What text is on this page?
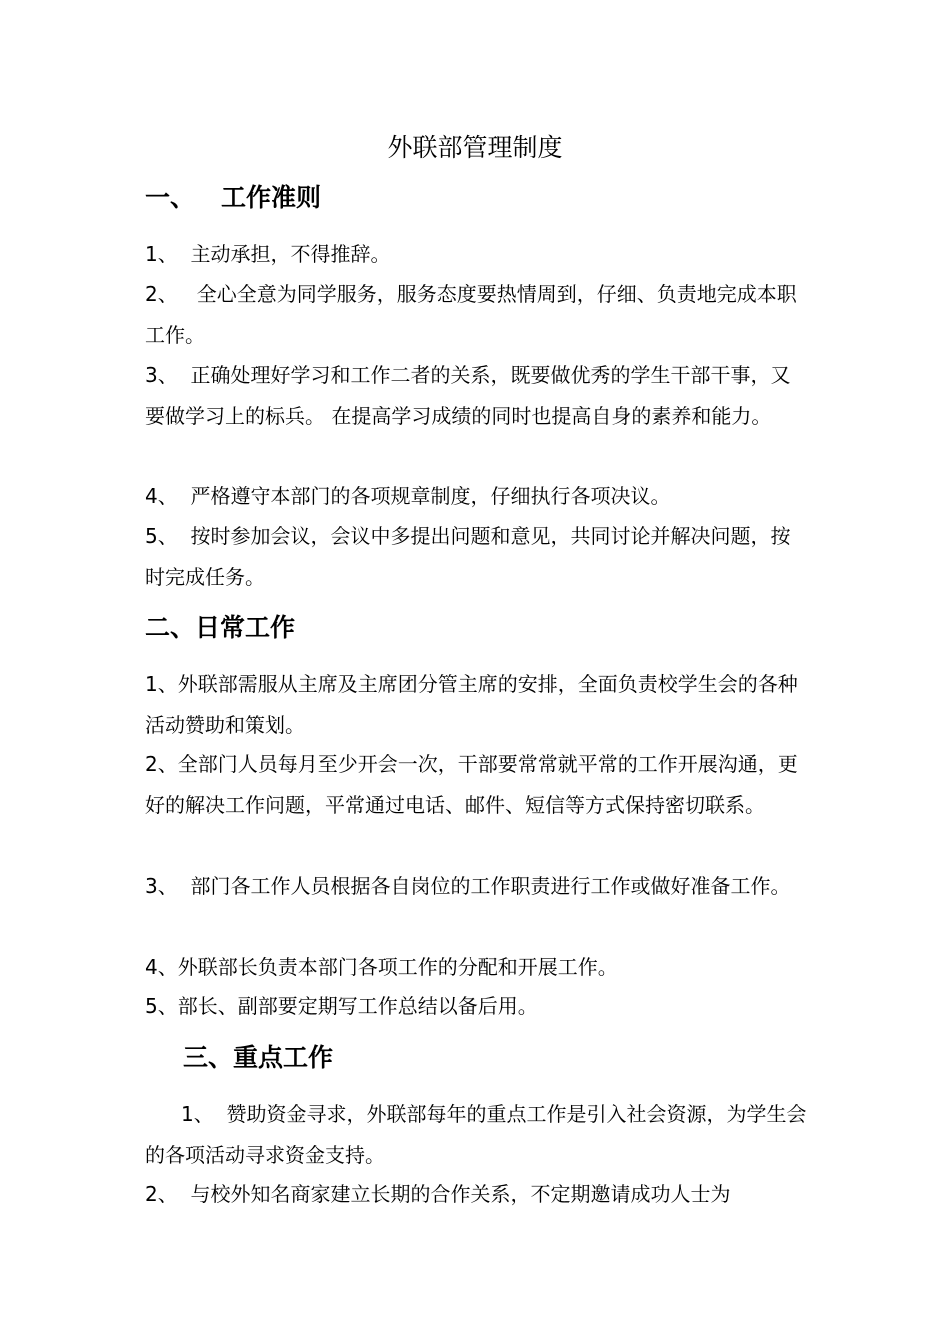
外联部管理制度
一、 工作准则

1、  主动承担，不得推辞。

2、   全心全意为同学服务，服务态度要热情周到，仔细、负责地完成本职工作。

3、  正确处理好学习和工作二者的关系，既要做优秀的学生干部干事，又要做学习上的标兵。 在提高学习成绩的同时也提高自身的素养和能力。

4、  严格遵守本部门的各项规章制度，仔细执行各项决议。

5、  按时参加会议，会议中多提出问题和意见，共同讨论并解决问题，按时完成任务。

二、日常工作

1、外联部需服从主席及主席团分管主席的安排，全面负责校学生会的各种活动赞助和策划。

2、全部门人员每月至少开会一次，干部要常常就平常的工作开展沟通，更好的解决工作问题，平常通过电话、邮件、短信等方式保持密切联系。

3、  部门各工作人员根据各自岗位的工作职责进行工作或做好准备工作。

4、外联部长负责本部门各项工作的分配和开展工作。

5、部长、副部要定期写工作总结以备后用。

三、重点工作

1、  赞助资金寻求，外联部每年的重点工作是引入社会资源，为学生会的各项活动寻求资金支持。

2、  与校外知名商家建立长期的合作关系，不定期邀请成功人士为
